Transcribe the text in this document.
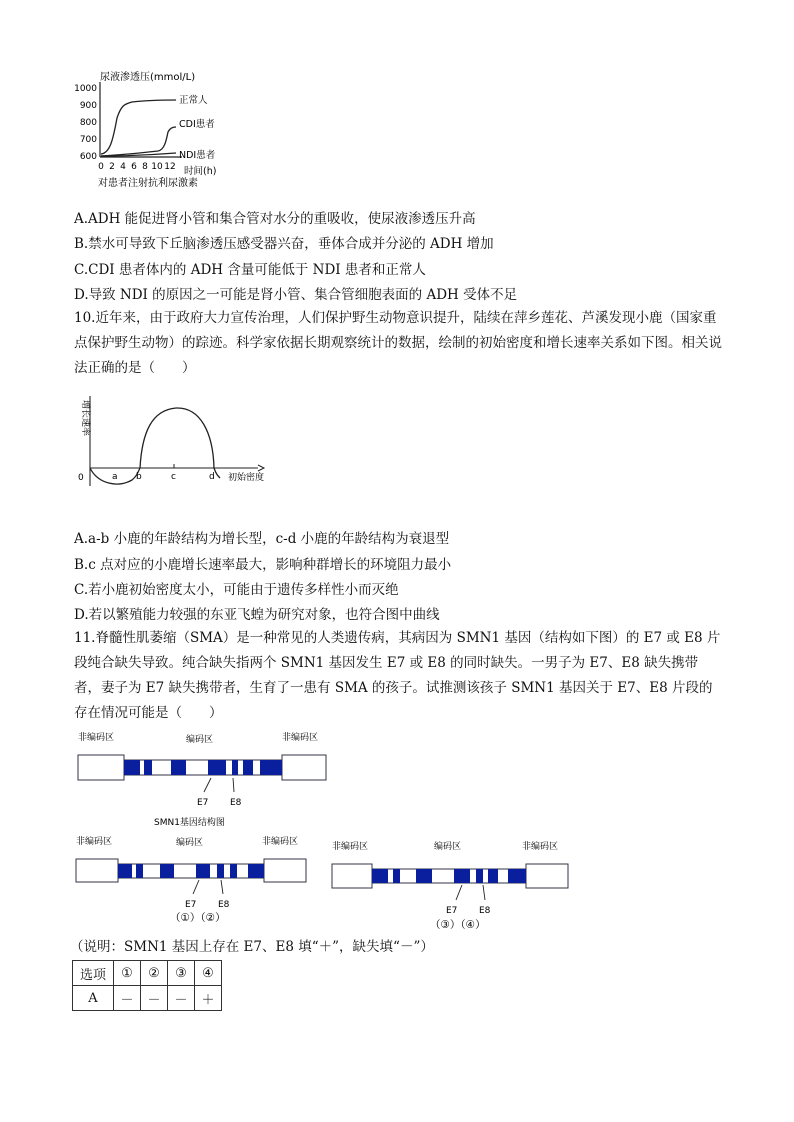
尿液渗透压(mmol/L)
1000
900
800
700
600
0 2 4 6 8 10 12 时间(h)
正常人
CDI患者
NDI患者
对患者注射抗利尿激素
A.ADH 能促进肾小管和集合管对水分的重吸收，使尿液渗透压升高
B.禁水可导致下丘脑渗透压感受器兴奋，垂体合成并分泌的 ADH 增加
C.CDI 患者体内的 ADH 含量可能低于 NDI 患者和正常人
D.导致 NDI 的原因之一可能是肾小管、集合管细胞表面的 ADH 受体不足
10.近年来，由于政府大力宣传治理，人们保护野生动物意识提升，陆续在萍乡莲花、芦溪发现小鹿（国家重点保护野生动物）的踪迹。科学家依据长期观察统计的数据，绘制的初始密度和增长速率关系如下图。相关说法正确的是（　　）
增长速率
0	a b	c	d 初始密度
A.a-b 小鹿的年龄结构为增长型，c-d 小鹿的年龄结构为衰退型
B.c 点对应的小鹿增长速率最大，影响种群增长的环境阻力最小
C.若小鹿初始密度太小，可能由于遗传多样性小而灭绝
D.若以繁殖能力较强的东亚飞蝗为研究对象，也符合图中曲线
11.脊髓性肌萎缩（SMA）是一种常见的人类遗传病，其病因为 SMN1 基因（结构如下图）的 E7 或 E8 片段纯合缺失导致。纯合缺失指两个 SMN1 基因发生 E7 或 E8 的同时缺失。一男子为 E7、E8 缺失携带者，妻子为 E7 缺失携带者，生育了一患有 SMA 的孩子。试推测该孩子 SMN1 基因关于 E7、E8 片段的存在情况可能是（　　）
非编码区	编码区	非编码区
E7 E8
SMN1基因结构图
非编码区	编码区	非编码区
E7 E8
（①）（②）
非编码区	编码区	非编码区
E7 E8
（③）（④）
（说明：SMN1 基因上存在 E7、E8 填“＋”，缺失填“－”）
选项	①	②	③	④
A	－	－	－	＋
